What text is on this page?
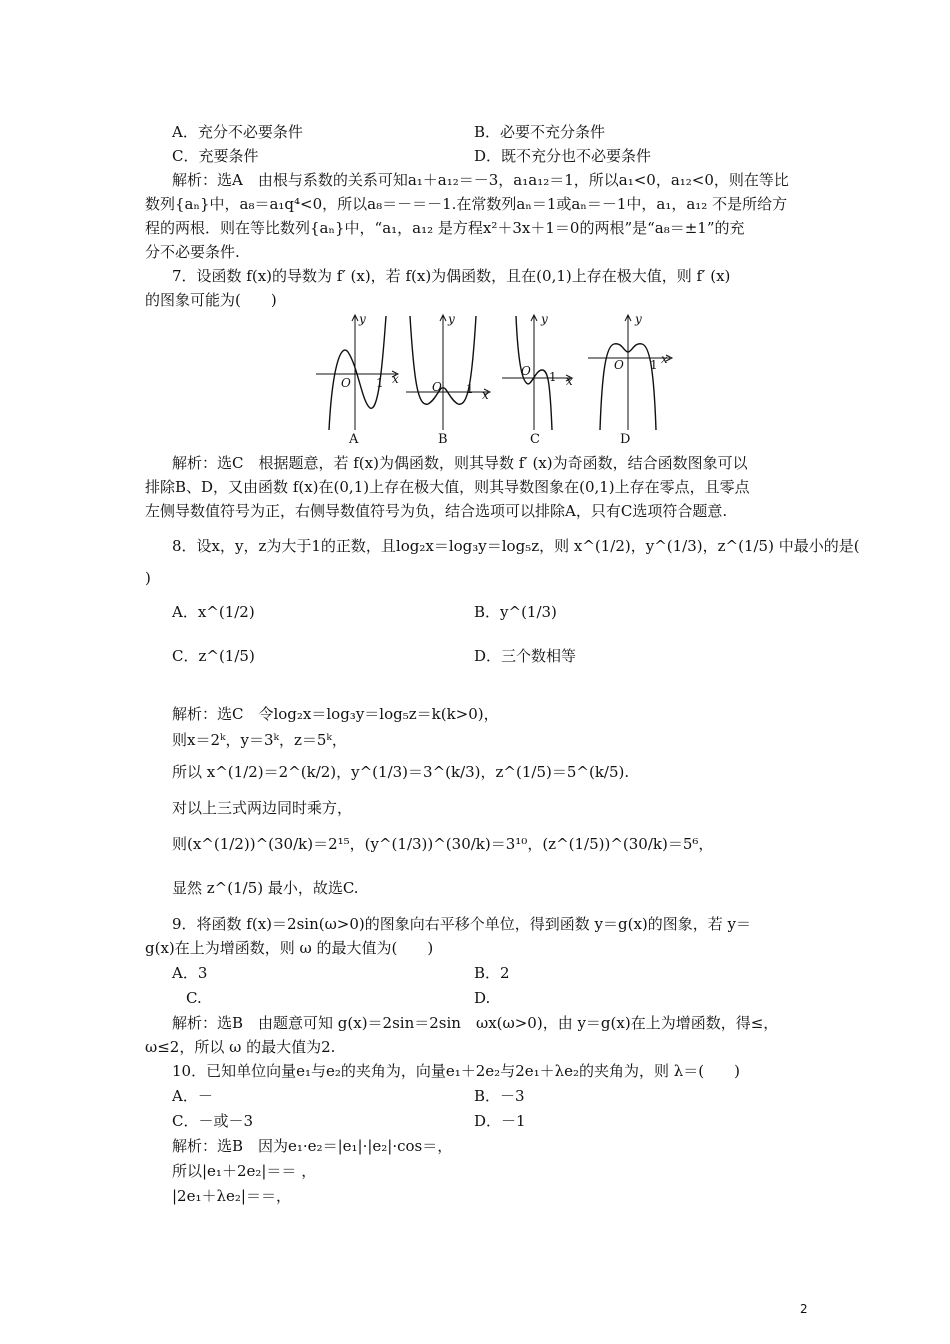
A．充分不必要条件	B．必要不充分条件
C．充要条件	D．既不充分也不必要条件
解析：选A　由根与系数的关系可知a₁＋a₁₂＝－3，a₁a₁₂＝1，所以a₁<0，a₁₂<0，则在等比
数列{aₙ}中，a₈＝a₁q⁴<0，所以a₈＝－＝－1.在常数列aₙ＝1或aₙ＝－1中，a₁，a₁₂ 不是所给方
程的两根．则在等比数列{aₙ}中，“a₁，a₁₂ 是方程x²＋3x＋1＝0的两根”是“a₈＝±1”的充
分不必要条件.
7．设函数 f(x)的导数为 f′ (x)，若 f(x)为偶函数，且在(0,1)上存在极大值，则 f′ (x)
的图象可能为(　　)
y
x
O 1
A
y
x
O 1
B
y
x
O 1
C
y
x
O 1
D
解析：选C　根据题意，若 f(x)为偶函数，则其导数 f′ (x)为奇函数，结合函数图象可以
排除B、D，又由函数 f(x)在(0,1)上存在极大值，则其导数图象在(0,1)上存在零点，且零点
左侧导数值符号为正，右侧导数值符号为负，结合选项可以排除A，只有C选项符合题意.
8．设x，y，z为大于1的正数，且log₂x＝log₃y＝log₅z，则 x^(1/2)，y^(1/3)，z^(1/5) 中最小的是(
)
A．x^(1/2)	B．y^(1/3)
C．z^(1/5)	D．三个数相等
解析：选C　令log₂x＝log₃y＝log₅z＝k(k>0)，
则x＝2ᵏ，y＝3ᵏ，z＝5ᵏ，
所以 x^(1/2)＝2^(k/2)，y^(1/3)＝3^(k/3)，z^(1/5)＝5^(k/5).
对以上三式两边同时乘方，
则(x^(1/2))^(30/k)＝2¹⁵，(y^(1/3))^(30/k)＝3¹⁰，(z^(1/5))^(30/k)＝5⁶，
显然 z^(1/5) 最小，故选C.
9．将函数 f(x)＝2sin(ω>0)的图象向右平移个单位，得到函数 y＝g(x)的图象，若 y＝
g(x)在上为增函数，则 ω 的最大值为(　　)
A．3	B．2
C.	D.
解析：选B　由题意可知 g(x)＝2sin＝2sin　ωx(ω>0)，由 y＝g(x)在上为增函数，得≤，
ω≤2，所以 ω 的最大值为2.
10．已知单位向量e₁与e₂的夹角为，向量e₁＋2e₂与2e₁＋λe₂的夹角为，则 λ＝(　　)
A．－	B．－3
C．－或－3	D．－1
解析：选B　因为e₁·e₂＝|e₁|·|e₂|·cos＝，
所以|e₁＋2e₂|＝＝ ，
|2e₁＋λe₂|＝＝，
2
